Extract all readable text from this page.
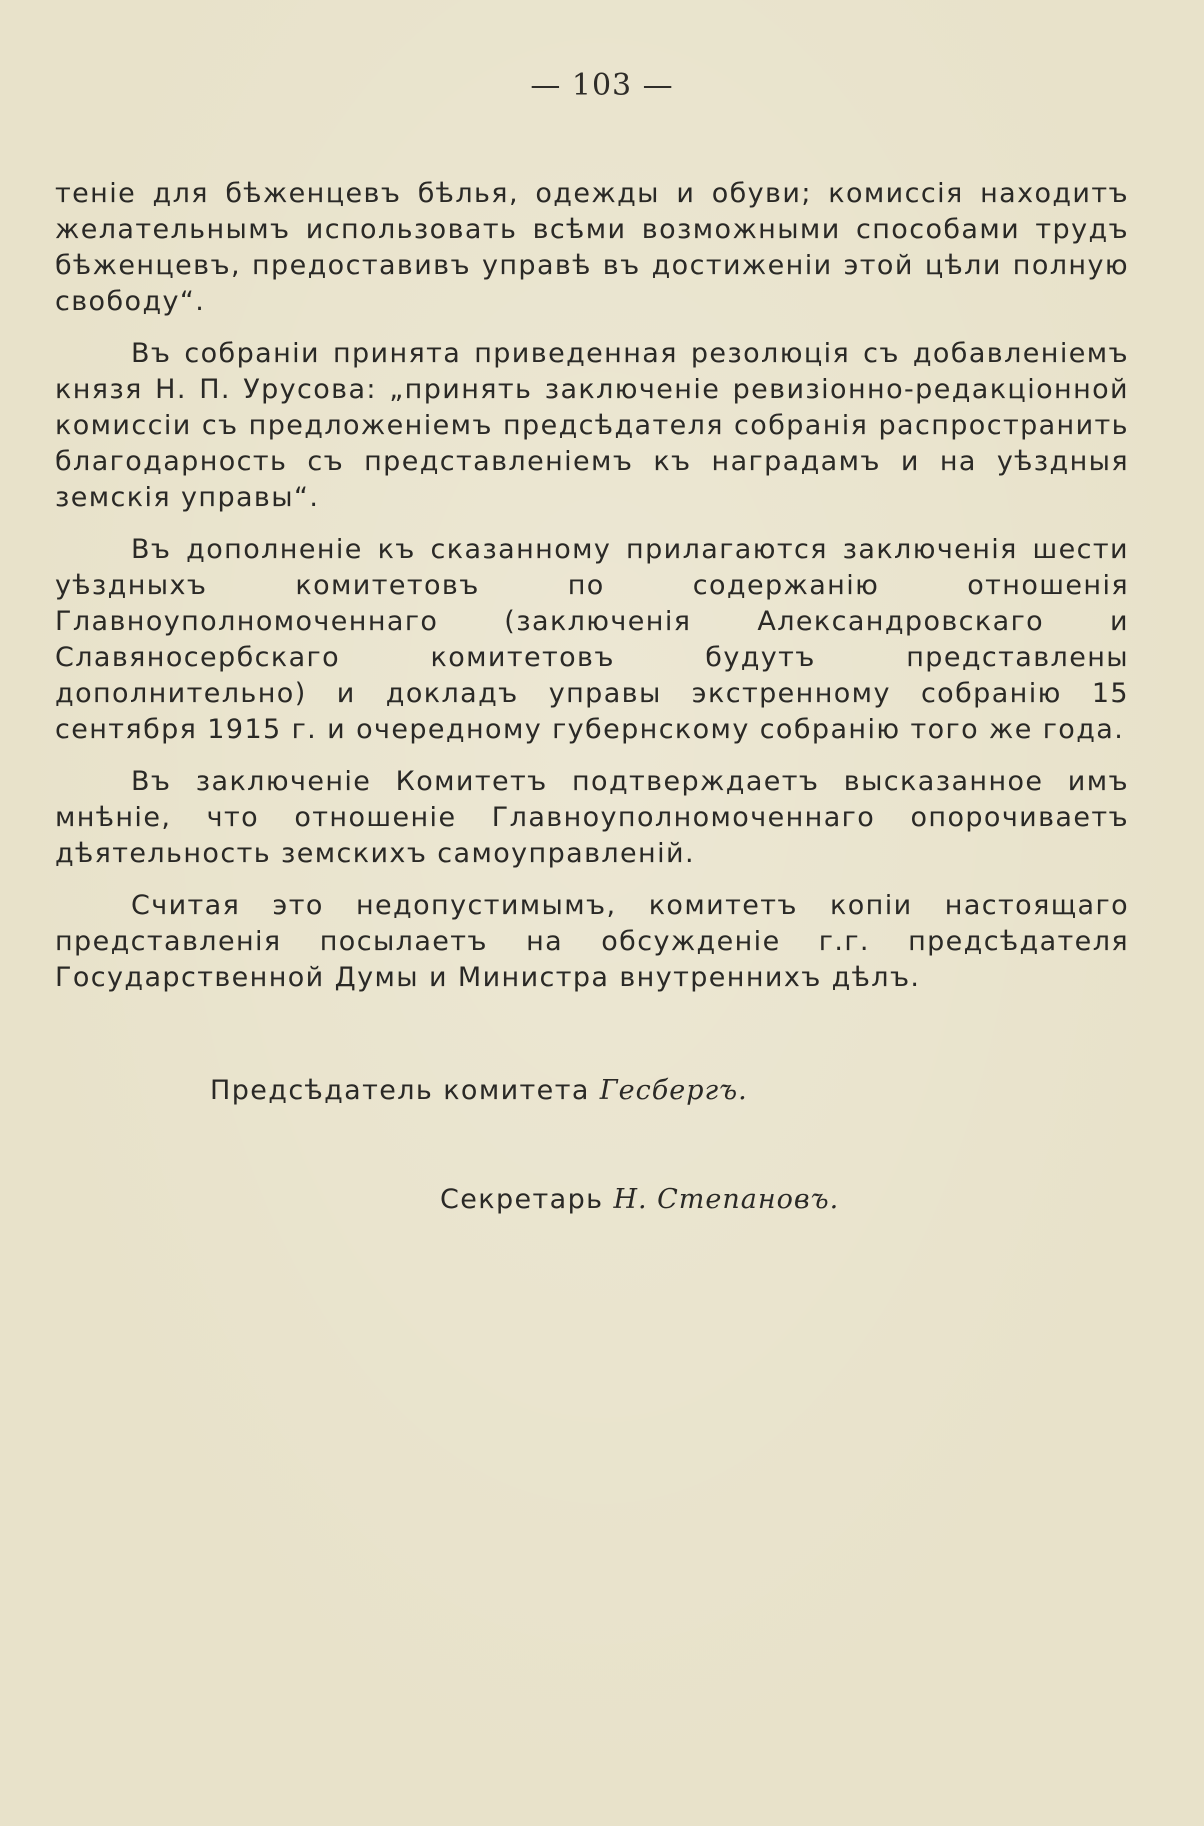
— 103 —

теніе для бѣженцевъ бѣлья, одежды и обуви; комиссія находитъ желательнымъ использовать всѣми возможными способами трудъ бѣженцевъ, предоставивъ управѣ въ достиженіи этой цѣли полную свободу“.

Въ собраніи принята приведенная резолюція съ добавленіемъ князя Н. П. Урусова: „принять заключеніе ревизіонно-редакціонной комиссіи съ предложеніемъ предсѣдателя собранія распространить благодарность съ представленіемъ къ наградамъ и на уѣздныя земскія управы“.

Въ дополненіе къ сказанному прилагаются заключенія шести уѣздныхъ комитетовъ по содержанію отношенія Главноуполномоченнаго (заключенія Александровскаго и Славяносербскаго комитетовъ будутъ представлены дополнительно) и докладъ управы экстренному собранію 15 сентября 1915 г. и очередному губернскому собранію того же года.

Въ заключеніе Комитетъ подтверждаетъ высказанное имъ мнѣніе, что отношеніе Главноуполномоченнаго опорочиваетъ дѣятельность земскихъ самоуправленій.

Считая это недопустимымъ, комитетъ копіи настоящаго представленія посылаетъ на обсужденіе г.г. предсѣдателя Государственной Думы и Министра внутреннихъ дѣлъ.

Предсѣдатель комитета Гесбергъ.
Секретарь Н. Степановъ.
